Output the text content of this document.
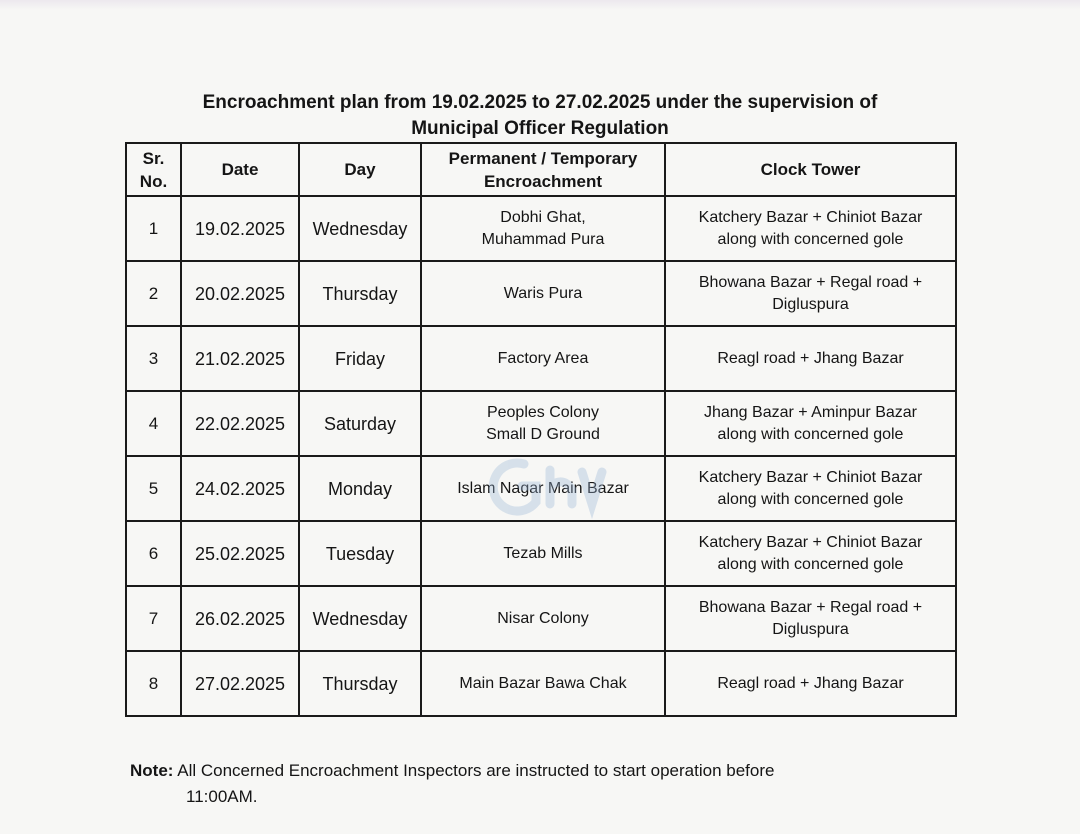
Encroachment plan from 19.02.2025 to 27.02.2025 under the supervision of
Municipal Officer Regulation
Sr.
No.	Date	Day	Permanent / Temporary
Encroachment	Clock Tower
1	19.02.2025	Wednesday	Dobhi Ghat,
Muhammad Pura	Katchery Bazar + Chiniot Bazar
along with concerned gole
2	20.02.2025	Thursday	Waris Pura	Bhowana Bazar + Regal road +
Digluspura
3	21.02.2025	Friday	Factory Area	Reagl road + Jhang Bazar
4	22.02.2025	Saturday	Peoples Colony
Small D Ground	Jhang Bazar + Aminpur Bazar
along with concerned gole
5	24.02.2025	Monday	Islam Nagar Main Bazar	Katchery Bazar + Chiniot Bazar
along with concerned gole
6	25.02.2025	Tuesday	Tezab Mills	Katchery Bazar + Chiniot Bazar
along with concerned gole
7	26.02.2025	Wednesday	Nisar Colony	Bhowana Bazar + Regal road +
Digluspura
8	27.02.2025	Thursday	Main Bazar Bawa Chak	Reagl road + Jhang Bazar
Note: All Concerned Encroachment Inspectors are instructed to start operation before
11:00AM.
